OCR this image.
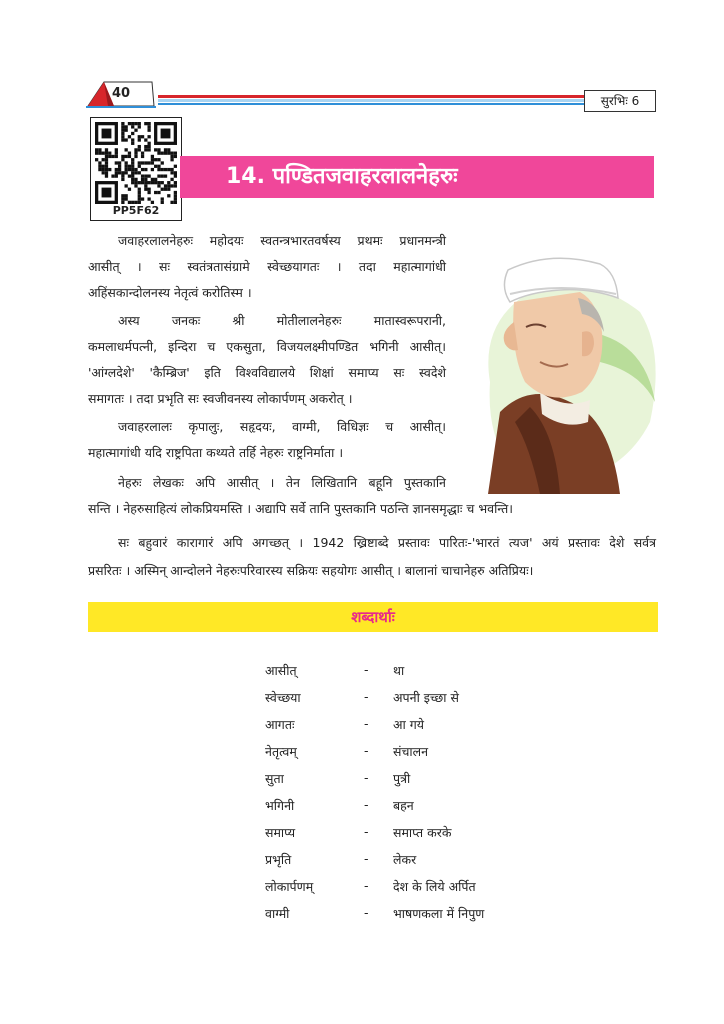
40	सुरभिः 6
PP5F62
14. पण्डितजवाहरलालनेहरुः
जवाहरलालनेहरुः महोदयः स्वतन्त्रभारतवर्षस्य प्रथमः प्रधानमन्त्री
आसीत् । सः स्वतंत्रतासंग्रामे स्वेच्छयागतः । तदा महात्मागांधी
अहिंसकान्दोलनस्य नेतृत्वं करोतिस्म ।
अस्य जनकः श्री मोतीलालनेहरुः मातास्वरूपरानी,
कमलाधर्मपत्नी, इन्दिरा च एकसुता, विजयलक्ष्मीपण्डित भगिनी आसीत्।
'आंग्लदेशे' 'कैम्ब्रिज' इति विश्वविद्यालये शिक्षां समाप्य सः स्वदेशे
समागतः । तदा प्रभृति सः स्वजीवनस्य लोकार्पणम् अकरोत् ।
जवाहरलालः कृपालुः, सहृदयः, वाग्मी, विधिज्ञः च आसीत्।
महात्मागांधी यदि राष्ट्रपिता कथ्यते तर्हि नेहरुः राष्ट्रनिर्माता ।
नेहरुः लेखकः अपि आसीत् । तेन लिखितानि बहूनि पुस्तकानि
सन्ति । नेहरुसाहित्यं लोकप्रियमस्ति । अद्यापि सर्वे तानि पुस्तकानि पठन्ति ज्ञानसमृद्धाः च भवन्ति।
सः बहुवारं कारागारं अपि अगच्छत् । 1942 ख्रिष्टाब्दे प्रस्तावः पारितः-'भारतं त्यज' अयं प्रस्तावः देशे सर्वत्र
प्रसरितः । अस्मिन् आन्दोलने नेहरुःपरिवारस्य सक्रियः सहयोगः आसीत् । बालानां चाचानेहरु अतिप्रियः।
शब्दार्थाः
आसीत्	- था
स्वेच्छया	- अपनी इच्छा से
आगतः	- आ गये
नेतृत्वम्	- संचालन
सुता	- पुत्री
भगिनी	- बहन
समाप्य	- समाप्त करके
प्रभृति	- लेकर
लोकार्पणम्	- देश के लिये अर्पित
वाग्मी	- भाषणकला में निपुण
